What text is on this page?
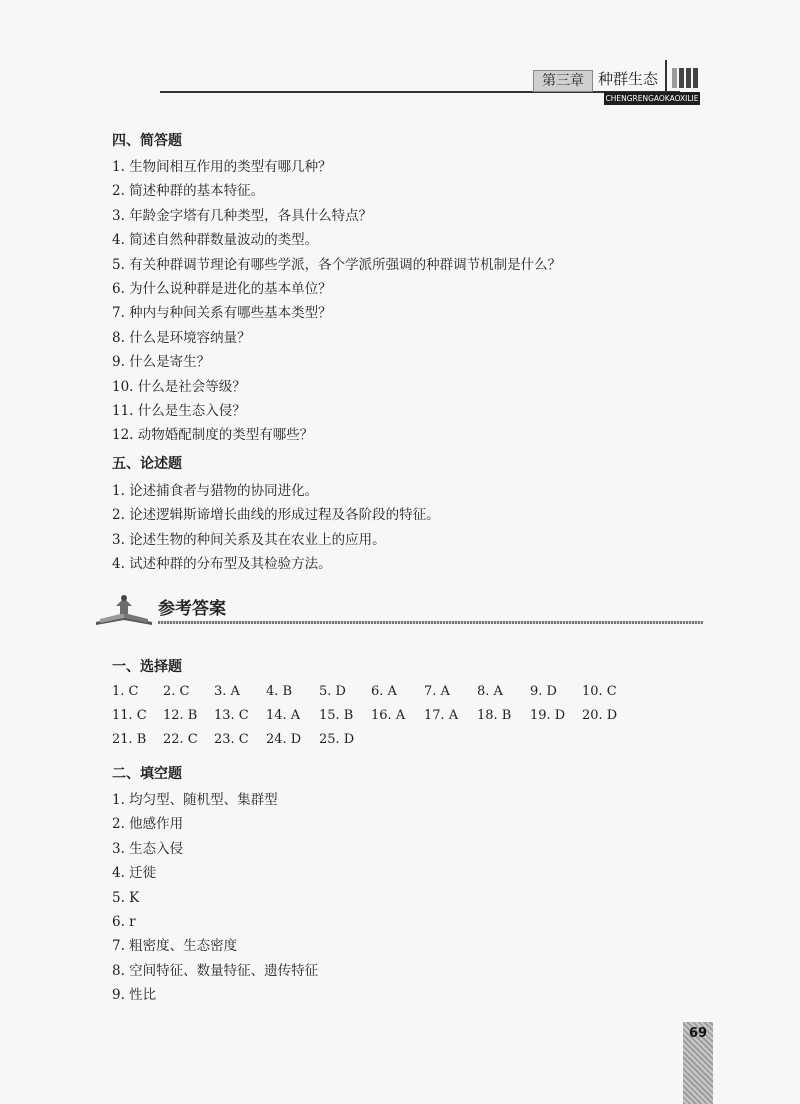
第三章 种群生态
CHENGRENGAOKAOXILIE
四、简答题
1. 生物间相互作用的类型有哪几种？
2. 简述种群的基本特征。
3. 年龄金字塔有几种类型，各具什么特点？
4. 简述自然种群数量波动的类型。
5. 有关种群调节理论有哪些学派，各个学派所强调的种群调节机制是什么？
6. 为什么说种群是进化的基本单位？
7. 种内与种间关系有哪些基本类型？
8. 什么是环境容纳量？
9. 什么是寄生？
10. 什么是社会等级？
11. 什么是生态入侵？
12. 动物婚配制度的类型有哪些？
五、论述题
1. 论述捕食者与猎物的协同进化。
2. 论述逻辑斯谛增长曲线的形成过程及各阶段的特征。
3. 论述生物的种间关系及其在农业上的应用。
4. 试述种群的分布型及其检验方法。
参考答案
一、选择题
1. C 2. C 3. A 4. B 5. D 6. A 7. A 8. A 9. D 10. C
11. C 12. B 13. C 14. A 15. B 16. A 17. A 18. B 19. D 20. D
21. B 22. C 23. C 24. D 25. D
二、填空题
1. 均匀型、随机型、集群型
2. 他感作用
3. 生态入侵
4. 迁徙
5. K
6. r
7. 粗密度、生态密度
8. 空间特征、数量特征、遗传特征
9. 性比
69
